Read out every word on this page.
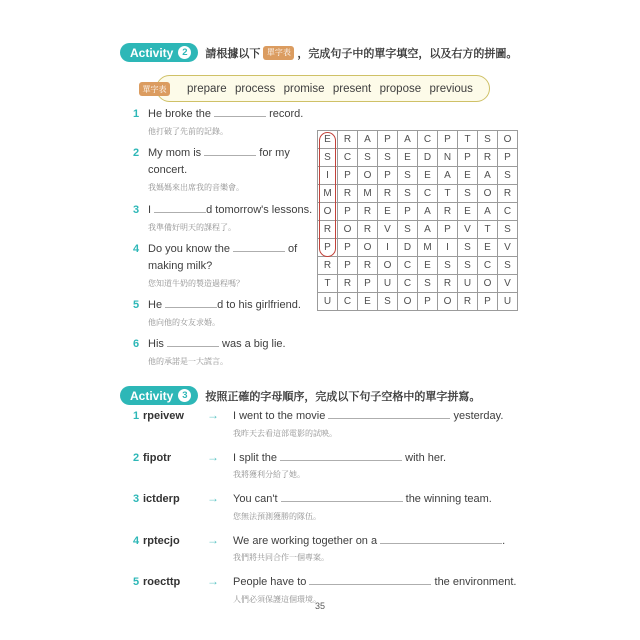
Activity 2	請根據以下 單字表 ，完成句子中的單字填空，以及右方的拼圖。
prepare process promise present propose previous
單字表
1 He broke the	record.
他打破了先前的記錄。
2 My mom is	for my concert.
我媽媽來出席我的音樂會。
3 I	d tomorrow's lessons.
我準備好明天的課程了。
4 Do you know the	of making milk?
您知道牛奶的製造過程嗎？
5 He	d to his girlfriend.
他向他的女友求婚。
6 His	was a big lie.
他的承諾是一大謊言。
E	R	A	P	A	C	P	T	S	O
S	C	S	S	E	D	N	P	R	P
I	P	O	P	S	E	A	E	A	S
M	R	M	R	S	C	T	S	O	R
O	P	R	E	P	A	R	E	A	C
R	O	R	V	S	A	P	V	T	S
P	P	O	I	D	M	I	S	E	V
R	P	R	O	C	E	S	S	C	S
T	R	P	U	C	S	R	U	O	V
U	C	E	S	O	P	O	R	P	U
Activity 3	按照正確的字母順序，完成以下句子空格中的單字拼寫。
1 rpeivew	→	I went to the movie	yesterday.
我昨天去看這部電影的試映。
2 fipotr	→	I split the	with her.
我將獲利分給了她。
3 ictderp	→	You can't	the winning team.
您無法預測獲勝的隊伍。
4 rptecjo	→	We are working together on a	.
我們將共同合作一個專案。
5 roecttp	→	People have to	the environment.
人們必須保護這個環境。
35
